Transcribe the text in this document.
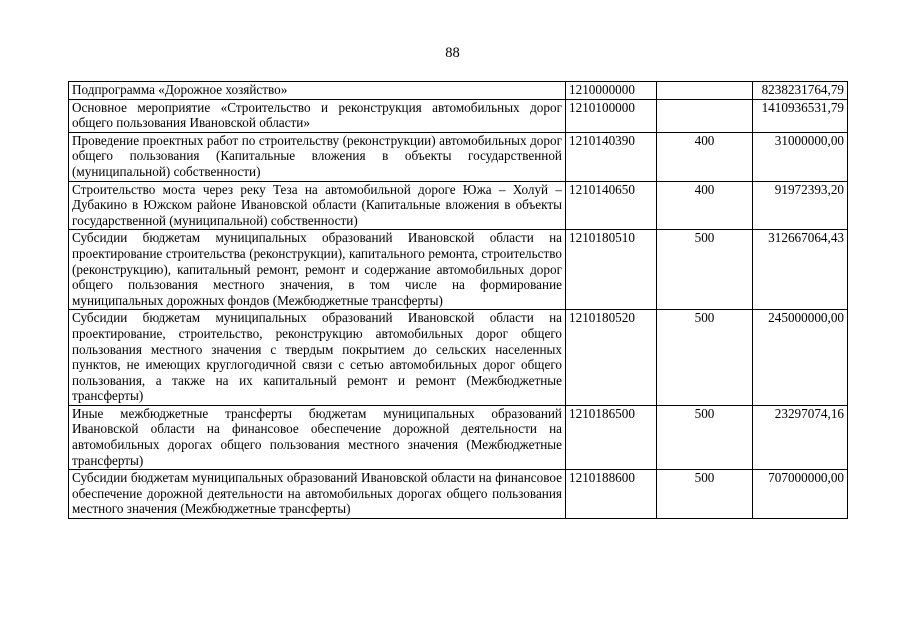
88
Подпрограмма «Дорожное хозяйство»	1210000000		8238231764,79
Основное мероприятие «Строительство и реконструкция автомобильных дорог общего пользования Ивановской области»	1210100000		1410936531,79
Проведение проектных работ по строительству (реконструкции) автомобильных дорог общего пользования (Капитальные вложения в объекты государственной (муниципальной) собственности)	1210140390	400	31000000,00
Строительство моста через реку Теза на автомобильной дороге Южа – Холуй – Дубакино в Южском районе Ивановской области (Капитальные вложения в объекты государственной (муниципальной) собственности)	1210140650	400	91972393,20
Субсидии бюджетам муниципальных образований Ивановской области на проектирование строительства (реконструкции), капитального ремонта, строительство (реконструкцию), капитальный ремонт, ремонт и содержание автомобильных дорог общего пользования местного значения, в том числе на формирование муниципальных дорожных фондов (Межбюджетные трансферты)	1210180510	500	312667064,43
Субсидии бюджетам муниципальных образований Ивановской области на проектирование, строительство, реконструкцию автомобильных дорог общего пользования местного значения с твердым покрытием до сельских населенных пунктов, не имеющих круглогодичной связи с сетью автомобильных дорог общего пользования, а также на их капитальный ремонт и ремонт (Межбюджетные трансферты)	1210180520	500	245000000,00
Иные межбюджетные трансферты бюджетам муниципальных образований Ивановской области на финансовое обеспечение дорожной деятельности на автомобильных дорогах общего пользования местного значения (Межбюджетные трансферты)	1210186500	500	23297074,16
Субсидии бюджетам муниципальных образований Ивановской области на финансовое обеспечение дорожной деятельности на автомобильных дорогах общего пользования местного значения (Межбюджетные трансферты)	1210188600	500	707000000,00
